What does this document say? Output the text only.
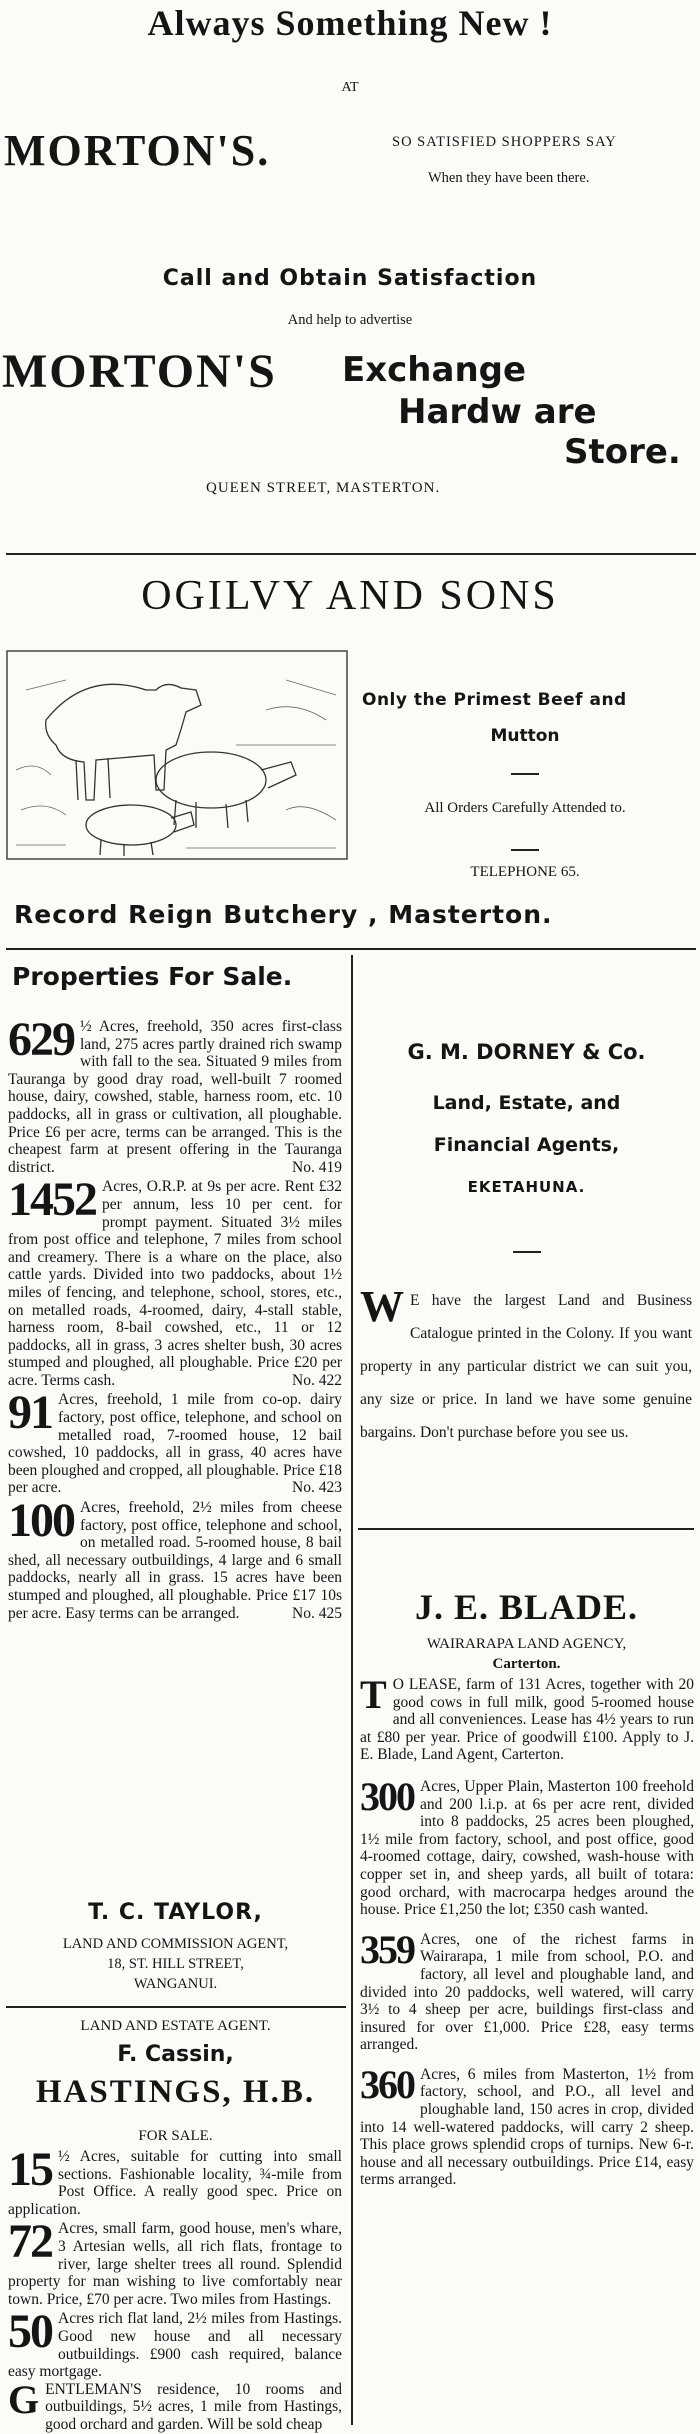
Always Something New !
AT
MORTON'S.	SO SATISFIED SHOPPERS SAY
When they have been there.
Call and Obtain Satisfaction
And help to advertise
MORTON'S Exchange
Hardw are
Store.
QUEEN STREET, MASTERTON.
OGILVY AND SONS
Only the Primest Beef and
Mutton
All Orders Carefully Attended to.
TELEPHONE 65.
Record Reign Butchery , Masterton.
Properties For Sale.
629 ½ Acres, freehold, 350 acres first-class land, 275 acres partly drained rich swamp with fall to the sea. Situated 9 miles from Tauranga by good dray road, well-built 7 roomed house, dairy, cowshed, stable, harness room, etc. 10 paddocks, all in grass or cultivation, all ploughable. Price £6 per acre, terms can be arranged. This is the cheapest farm at present offering in the Tauranga district.	No. 419
1452 Acres, O.R.P. at 9s per acre. Rent £32 per annum, less 10 per cent. for prompt payment. Situated 3½ miles from post office and telephone, 7 miles from school and creamery. There is a whare on the place, also cattle yards. Divided into two paddocks, about 1½ miles of fencing, and telephone, school, stores, etc., on metalled roads, 4-roomed, dairy, 4-stall stable, harness room, 8-bail cowshed, etc., 11 or 12 paddocks, all in grass, 3 acres shelter bush, 30 acres stumped and ploughed, all ploughable. Price £20 per acre. Terms cash.	No. 422
91 Acres, freehold, 1 mile from co-op. dairy factory, post office, telephone, and school on metalled road, 7-roomed house, 12 bail cowshed, 10 paddocks, all in grass, 40 acres have been ploughed and cropped, all ploughable. Price £18 per acre.	No. 423
100 Acres, freehold, 2½ miles from cheese factory, post office, telephone and school, on metalled road. 5-roomed house, 8 bail shed, all necessary outbuildings, 4 large and 6 small paddocks, nearly all in grass. 15 acres have been stumped and ploughed, all ploughable. Price £17 10s per acre. Easy terms can be arranged.	No. 425
T. C. TAYLOR,
LAND AND COMMISSION AGENT,
18, ST. HILL STREET,
WANGANUI.
LAND AND ESTATE AGENT.
F. Cassin,
HASTINGS, H.B.
FOR SALE.
15 ½ Acres, suitable for cutting into small sections. Fashionable locality, ¾-mile from Post Office. A really good spec. Price on application.
72 Acres, small farm, good house, men's whare, 3 Artesian wells, all rich flats, frontage to river, large shelter trees all round. Splendid property for man wishing to live comfortably near town. Price, £70 per acre. Two miles from Hastings.
50 Acres rich flat land, 2½ miles from Hastings. Good new house and all necessary outbuildings. £900 cash required, balance easy mortgage.
G ENTLEMAN'S residence, 10 rooms and outbuildings, 5½ acres, 1 mile from Hastings, good orchard and garden. Will be sold cheap
G. M. DORNEY & Co.
Land, Estate, and
Financial Agents,
EKETAHUNA.
W E have the largest Land and Business Catalogue printed in the Colony. If you want property in any particular district we can suit you, any size or price. In land we have some genuine bargains. Don't purchase before you see us.
J. E. BLADE.
WAIRARAPA LAND AGENCY,
Carterton.
T O LEASE, farm of 131 Acres, together with 20 good cows in full milk, good 5-roomed house and all conveniences. Lease has 4½ years to run at £80 per year. Price of goodwill £100. Apply to J. E. Blade, Land Agent, Carterton.
300 Acres, Upper Plain, Masterton 100 freehold and 200 l.i.p. at 6s per acre rent, divided into 8 paddocks, 25 acres been ploughed, 1½ mile from factory, school, and post office, good 4-roomed cottage, dairy, cowshed, wash-house with copper set in, and sheep yards, all built of totara: good orchard, with macrocarpa hedges around the house. Price £1,250 the lot; £350 cash wanted.
359 Acres, one of the richest farms in Wairarapa, 1 mile from school, P.O. and factory, all level and ploughable land, and divided into 20 paddocks, well watered, will carry 3½ to 4 sheep per acre, buildings first-class and insured for over £1,000. Price £28, easy terms arranged.
360 Acres, 6 miles from Masterton, 1½ from factory, school, and P.O., all level and ploughable land, 150 acres in crop, divided into 14 well-watered paddocks, will carry 2 sheep. This place grows splendid crops of turnips. New 6-r. house and all necessary outbuildings. Price £14, easy terms arranged.
